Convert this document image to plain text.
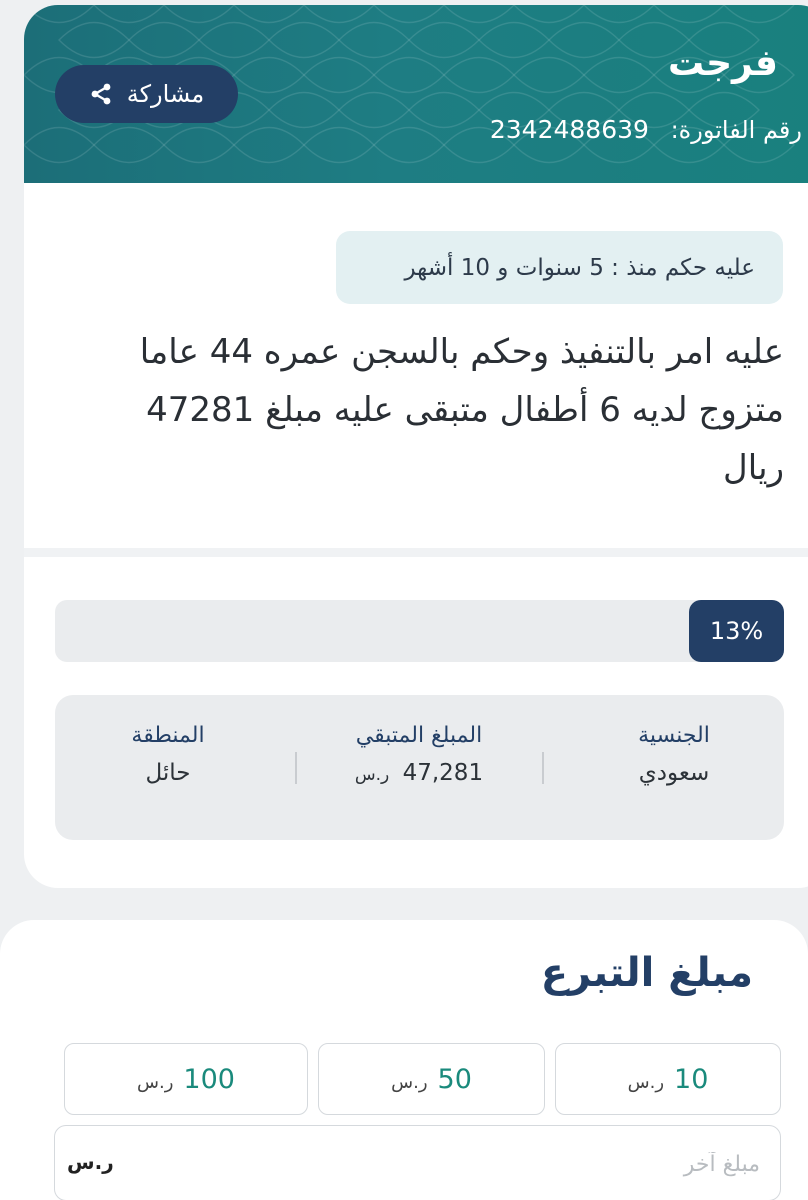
فرجت
رقم الفاتورة: 2342488639
مشاركة
عليه حكم منذ : 5 سنوات و 10 أشهر
عليه امر بالتنفيذ وحكم بالسجن عمره 44 عاما متزوج لديه 6 أطفال متبقى عليه مبلغ 47281 ريال
13%
الجنسية
سعودي
المبلغ المتبقي
47,281 ر.س
المنطقة
حائل
مبلغ التبرع
10
ر.س
50
ر.س
100
ر.س
مبلغ آخر
ر.س
